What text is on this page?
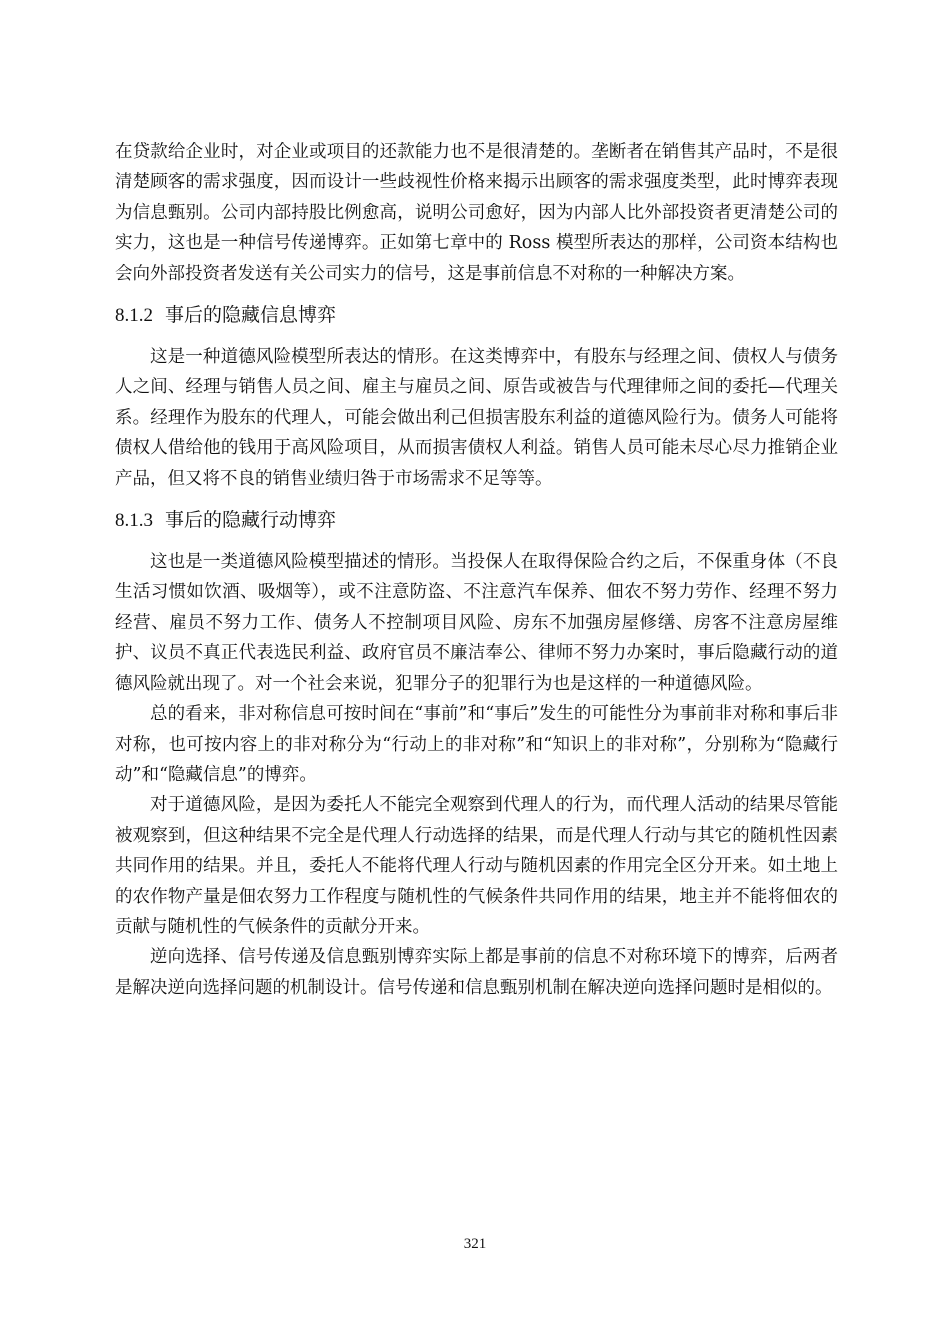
在贷款给企业时，对企业或项目的还款能力也不是很清楚的。垄断者在销售其产品时，不是很清楚顾客的需求强度，因而设计一些歧视性价格来揭示出顾客的需求强度类型，此时博弈表现为信息甄别。公司内部持股比例愈高，说明公司愈好，因为内部人比外部投资者更清楚公司的实力，这也是一种信号传递博弈。正如第七章中的 Ross 模型所表达的那样，公司资本结构也会向外部投资者发送有关公司实力的信号，这是事前信息不对称的一种解决方案。

8.1.2 事后的隐藏信息博弈

这是一种道德风险模型所表达的情形。在这类博弈中，有股东与经理之间、债权人与债务人之间、经理与销售人员之间、雇主与雇员之间、原告或被告与代理律师之间的委托—代理关系。经理作为股东的代理人，可能会做出利己但损害股东利益的道德风险行为。债务人可能将债权人借给他的钱用于高风险项目，从而损害债权人利益。销售人员可能未尽心尽力推销企业产品，但又将不良的销售业绩归咎于市场需求不足等等。

8.1.3 事后的隐藏行动博弈

这也是一类道德风险模型描述的情形。当投保人在取得保险合约之后，不保重身体（不良生活习惯如饮酒、吸烟等），或不注意防盗、不注意汽车保养、佃农不努力劳作、经理不努力经营、雇员不努力工作、债务人不控制项目风险、房东不加强房屋修缮、房客不注意房屋维护、议员不真正代表选民利益、政府官员不廉洁奉公、律师不努力办案时，事后隐藏行动的道德风险就出现了。对一个社会来说，犯罪分子的犯罪行为也是这样的一种道德风险。

总的看来，非对称信息可按时间在“事前”和“事后”发生的可能性分为事前非对称和事后非对称，也可按内容上的非对称分为“行动上的非对称”和“知识上的非对称”，分别称为“隐藏行动”和“隐藏信息”的博弈。

对于道德风险，是因为委托人不能完全观察到代理人的行为，而代理人活动的结果尽管能被观察到，但这种结果不完全是代理人行动选择的结果，而是代理人行动与其它的随机性因素共同作用的结果。并且，委托人不能将代理人行动与随机因素的作用完全区分开来。如土地上的农作物产量是佃农努力工作程度与随机性的气候条件共同作用的结果，地主并不能将佃农的贡献与随机性的气候条件的贡献分开来。

逆向选择、信号传递及信息甄别博弈实际上都是事前的信息不对称环境下的博弈，后两者是解决逆向选择问题的机制设计。信号传递和信息甄别机制在解决逆向选择问题时是相似的。

321
